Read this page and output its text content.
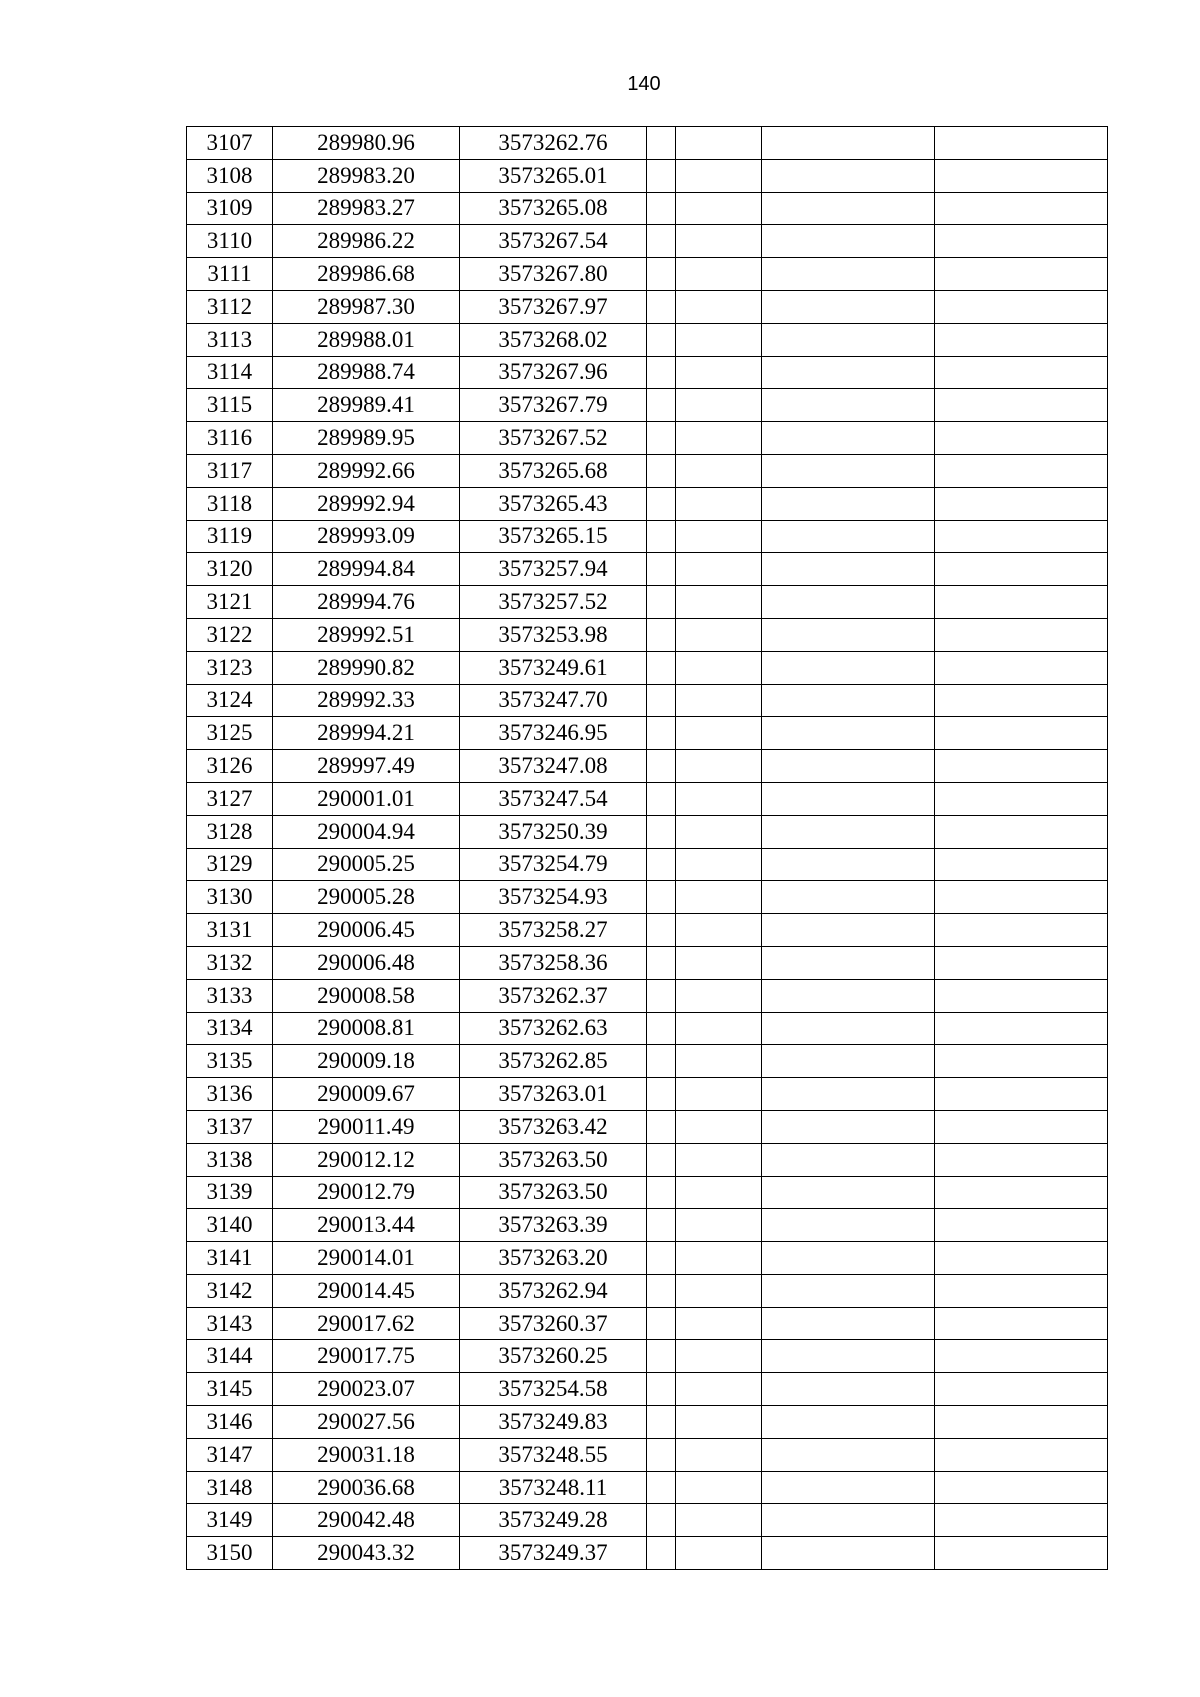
140
3107	289980.96	3573262.76				
3108	289983.20	3573265.01				
3109	289983.27	3573265.08				
3110	289986.22	3573267.54				
3111	289986.68	3573267.80				
3112	289987.30	3573267.97				
3113	289988.01	3573268.02				
3114	289988.74	3573267.96				
3115	289989.41	3573267.79				
3116	289989.95	3573267.52				
3117	289992.66	3573265.68				
3118	289992.94	3573265.43				
3119	289993.09	3573265.15				
3120	289994.84	3573257.94				
3121	289994.76	3573257.52				
3122	289992.51	3573253.98				
3123	289990.82	3573249.61				
3124	289992.33	3573247.70				
3125	289994.21	3573246.95				
3126	289997.49	3573247.08				
3127	290001.01	3573247.54				
3128	290004.94	3573250.39				
3129	290005.25	3573254.79				
3130	290005.28	3573254.93				
3131	290006.45	3573258.27				
3132	290006.48	3573258.36				
3133	290008.58	3573262.37				
3134	290008.81	3573262.63				
3135	290009.18	3573262.85				
3136	290009.67	3573263.01				
3137	290011.49	3573263.42				
3138	290012.12	3573263.50				
3139	290012.79	3573263.50				
3140	290013.44	3573263.39				
3141	290014.01	3573263.20				
3142	290014.45	3573262.94				
3143	290017.62	3573260.37				
3144	290017.75	3573260.25				
3145	290023.07	3573254.58				
3146	290027.56	3573249.83				
3147	290031.18	3573248.55				
3148	290036.68	3573248.11				
3149	290042.48	3573249.28				
3150	290043.32	3573249.37				
